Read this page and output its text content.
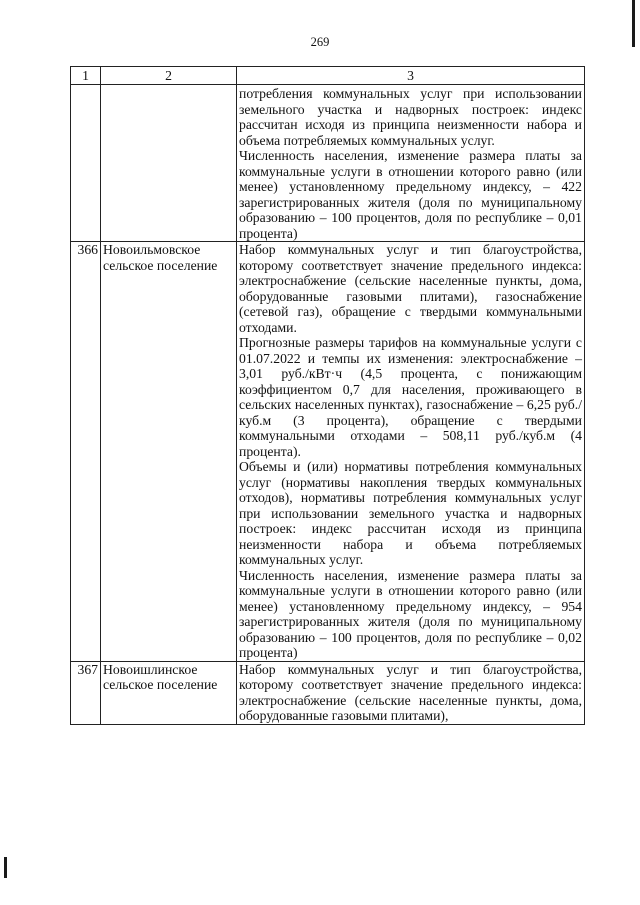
269
1	2	3

		потребления коммунальных услуг при использовании земельного участка и надворных построек: индекс рассчитан исходя из принципа неизменности набора и объема потребляемых коммунальных услуг.

Численность населения, изменение размера платы за коммунальные услуги в отношении которого равно (или менее) установленному предельному индексу, – 422 зарегистрированных жителя (доля по муниципальному образованию – 100 процентов, доля по республике – 0,01 процента)

366	Новоильмовское сельское поселение	Набор коммунальных услуг и тип благоустройства, которому соответствует значение предельного индекса: электроснабжение (сельские населенные пункты, дома, оборудованные газовыми плитами), газоснабжение (сетевой газ), обращение с твердыми коммунальными отходами.

Прогнозные размеры тарифов на коммунальные услуги с 01.07.2022 и темпы их изменения: электроснабжение – 3,01 руб./кВт·ч (4,5 процента, с понижающим коэффициентом 0,7 для населения, проживающего в сельских населенных пунктах), газоснабжение – 6,25 руб./куб.м (3 процента), обращение с твердыми коммунальными отходами – 508,11 руб./куб.м (4 процента).

Объемы и (или) нормативы потребления коммунальных услуг (нормативы накопления твердых коммунальных отходов), нормативы потребления коммунальных услуг при использовании земельного участка и надворных построек: индекс рассчитан исходя из принципа неизменности набора и объема потребляемых коммунальных услуг.

Численность населения, изменение размера платы за коммунальные услуги в отношении которого равно (или менее) установленному предельному индексу, – 954 зарегистрированных жителя (доля по муниципальному образованию – 100 процентов, доля по республике – 0,02 процента)

367	Новоишлинское сельское поселение	Набор коммунальных услуг и тип благоустройства, которому соответствует значение предельного индекса: электроснабжение (сельские населенные пункты, дома, оборудованные газовыми плитами),
